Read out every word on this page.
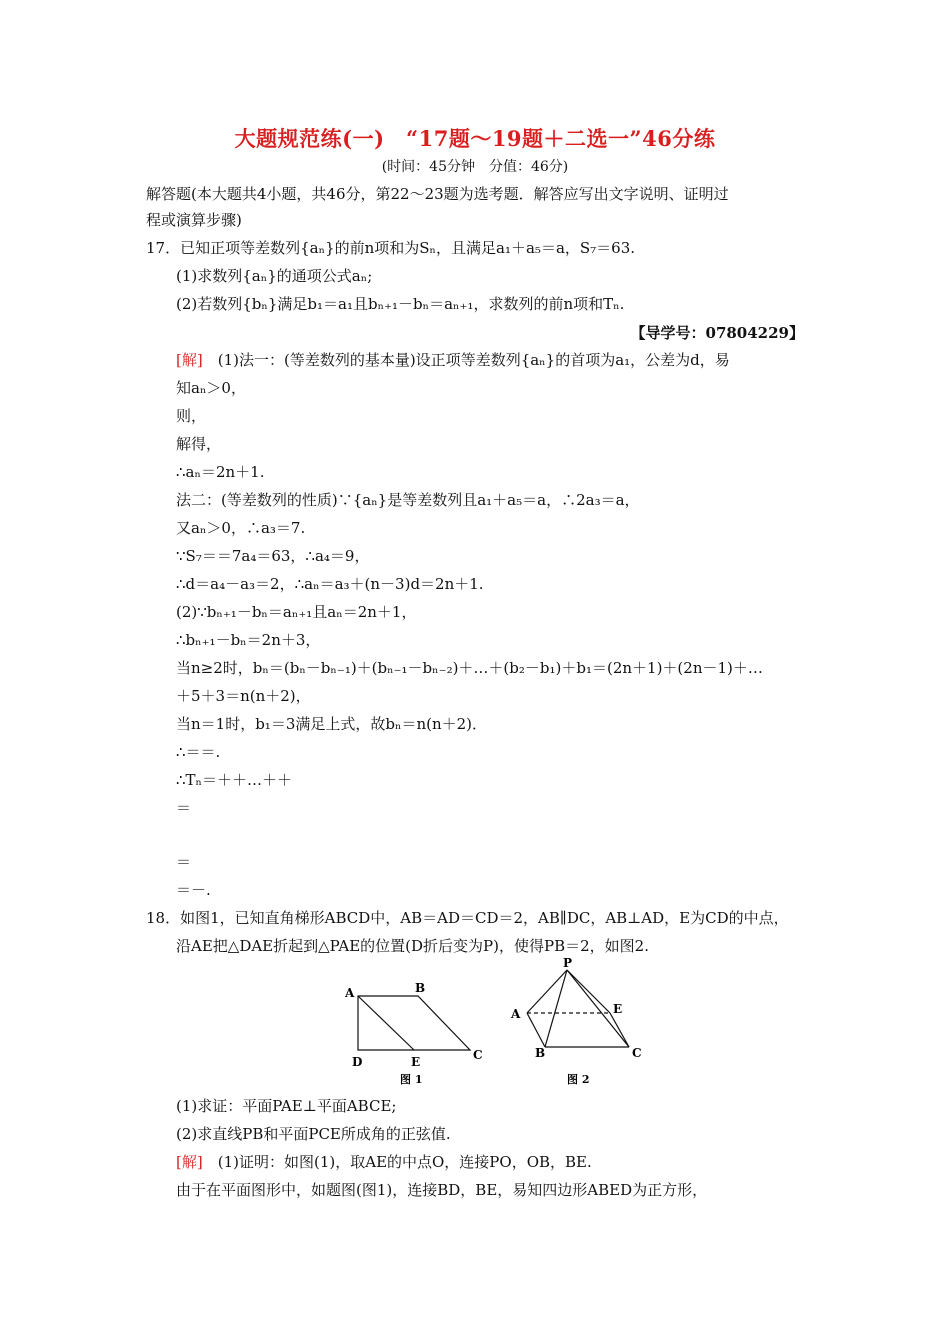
大题规范练(一)　“17题～19题＋二选一”46分练
(时间：45分钟　分值：46分)
解答题(本大题共4小题，共46分，第22～23题为选考题．解答应写出文字说明、证明过
程或演算步骤)
17．已知正项等差数列{aₙ}的前n项和为Sₙ，且满足a₁＋a₅＝a，S₇＝63.
(1)求数列{aₙ}的通项公式aₙ;
(2)若数列{bₙ}满足b₁＝a₁且bₙ₊₁－bₙ＝aₙ₊₁，求数列的前n项和Tₙ.
【导学号：07804229】
[解]　 (1)法一：(等差数列的基本量)设正项等差数列{aₙ}的首项为a₁，公差为d，易
知aₙ＞0，
则，
解得，
∴aₙ＝2n＋1.
法二：(等差数列的性质)∵{aₙ}是等差数列且a₁＋a₅＝a，∴2a₃＝a，
又aₙ＞0，∴a₃＝7.
∵S₇＝＝7a₄＝63，∴a₄＝9，
∴d＝a₄－a₃＝2，∴aₙ＝a₃＋(n－3)d＝2n＋1.
(2)∵bₙ₊₁－bₙ＝aₙ₊₁且aₙ＝2n＋1，
∴bₙ₊₁－bₙ＝2n＋3，
当n≥2时，bₙ＝(bₙ－bₙ₋₁)＋(bₙ₋₁－bₙ₋₂)＋…＋(b₂－b₁)＋b₁＝(2n＋1)＋(2n－1)＋…
＋5＋3＝n(n＋2)，
当n＝1时，b₁＝3满足上式，故bₙ＝n(n＋2)．
∴＝＝.
∴Tₙ＝＋＋…＋＋
＝
＝
＝－.
18．如图1，已知直角梯形ABCD中，AB＝AD＝CD＝2，AB∥DC，AB⊥AD，E为CD的中点，
沿AE把△DAE折起到△PAE的位置(D折后变为P)，使得PB＝2，如图2.
A	B
C
D	E
图 1
P
A
B	C
E
图 2
(1)求证：平面PAE⊥平面ABCE;
(2)求直线PB和平面PCE所成角的正弦值.
[解]　 (1)证明：如图(1)，取AE的中点O，连接PO，OB，BE.
由于在平面图形中，如题图(图1)，连接BD，BE，易知四边形ABED为正方形，
